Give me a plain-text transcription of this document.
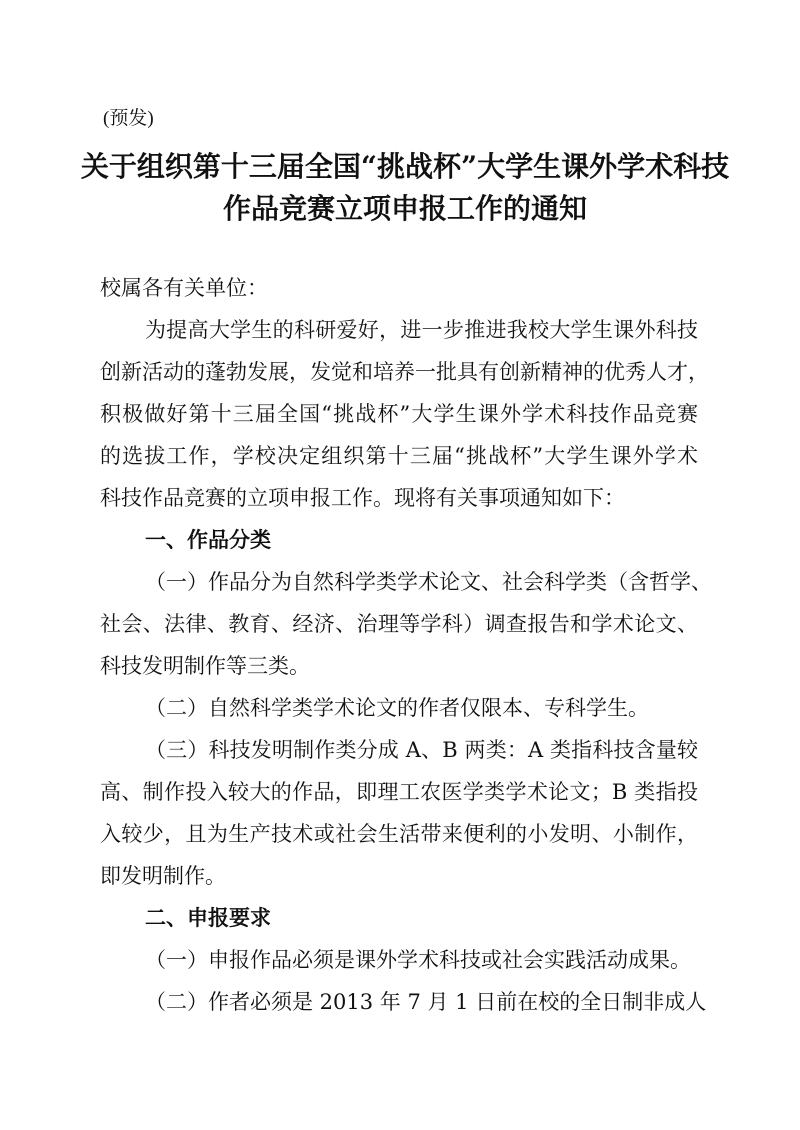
(预发)
关于组织第十三届全国“挑战杯”大学生课外学术科技
作品竞赛立项申报工作的通知
校属各有关单位：
为提高大学生的科研爱好，进一步推进我校大学生课外科技
创新活动的蓬勃发展，发觉和培养一批具有创新精神的优秀人才，
积极做好第十三届全国“挑战杯”大学生课外学术科技作品竞赛
的选拔工作，学校决定组织第十三届“挑战杯”大学生课外学术
科技作品竞赛的立项申报工作。现将有关事项通知如下：
一、作品分类
（一）作品分为自然科学类学术论文、社会科学类（含哲学、
社会、法律、教育、经济、治理等学科）调查报告和学术论文、
科技发明制作等三类。
（二）自然科学类学术论文的作者仅限本、专科学生。
（三）科技发明制作类分成 A、B 两类：A 类指科技含量较
高、制作投入较大的作品，即理工农医学类学术论文；B 类指投
入较少，且为生产技术或社会生活带来便利的小发明、小制作，
即发明制作。
二、申报要求
（一）申报作品必须是课外学术科技或社会实践活动成果。
（二）作者必须是 2013 年 7 月 1 日前在校的全日制非成人
